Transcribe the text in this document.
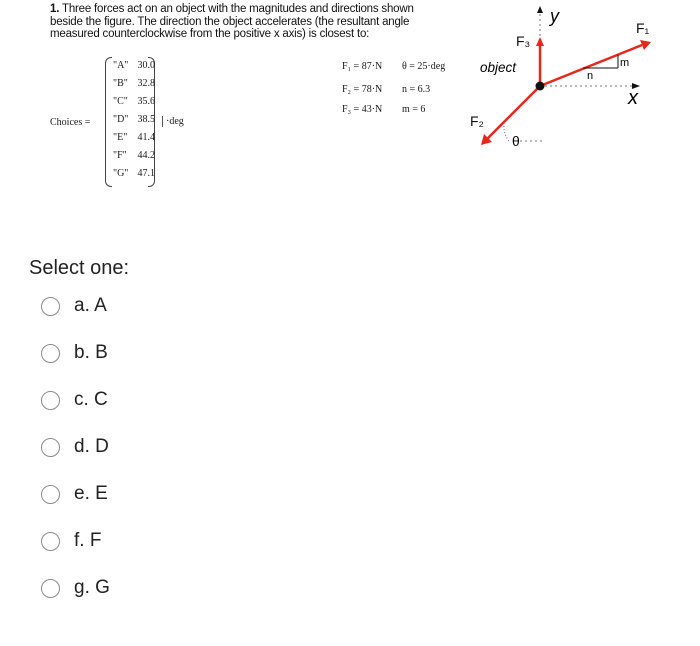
1. Three forces act on an object with the magnitudes and directions shown beside the figure. The direction the object accelerates (the resultant angle measured counterclockwise from the positive x axis) is closest to:
Choices =
"A" 30.0
"B" 32.8
"C" 35.6
"D" 38.5
"E" 41.4
"F" 44.2
"G" 47.1
·deg
F₁ = 87·N θ = 25·deg
F₂ = 78·N n = 6.3
F₃ = 43·N m = 6
y
x
F₃
F₁
n
m
F₂
θ
object
Select one:
a. A
b. B
c. C
d. D
e. E
f. F
g. G
